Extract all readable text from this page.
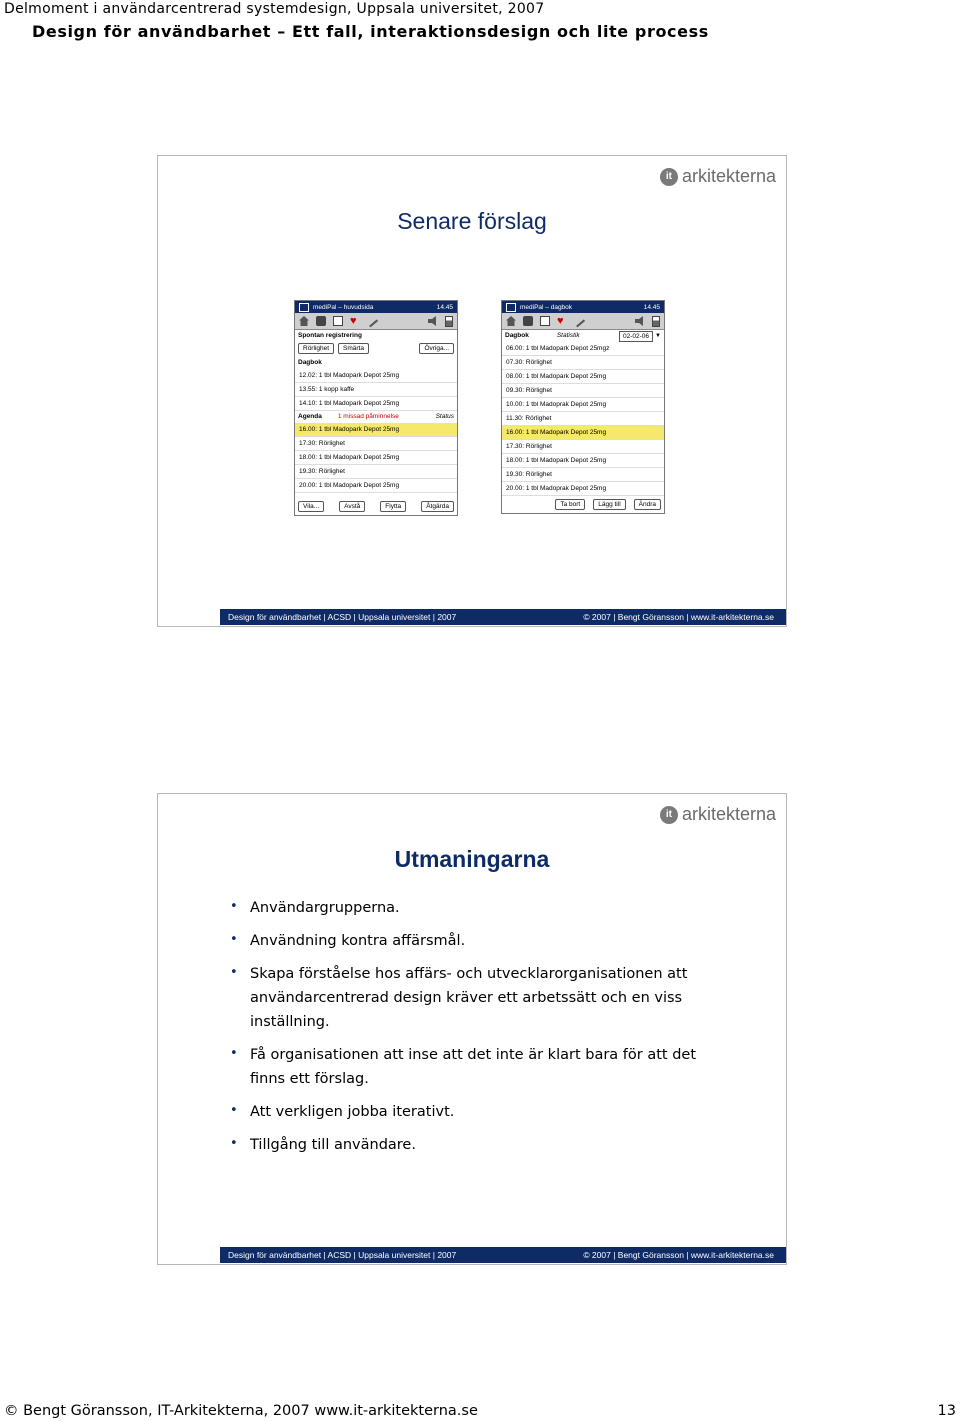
Delmoment i användarcentrerad systemdesign, Uppsala universitet, 2007
Design för användbarhet – Ett fall, interaktionsdesign och lite process
it arkitekterna
Senare förslag
mediPal – huvudsida	14.45
♥
Spontan registrering
Rörlighet	Smärta	Övriga...
Dagbok
12.02: 1 tbl Madopark Depot 25mg
13.55: 1 kopp kaffe
14.10: 1 tbl Madopark Depot 25mg
Agenda 1 missad påminnelse	Status
16.00: 1 tbl Madopark Depot 25mg
17.30: Rörlighet
18.00: 1 tbl Madopark Depot 25mg
19.30: Rörlighet
20.00: 1 tbl Madopark Depot 25mg
Vila...	Avstå	Flytta	Åtgärda
mediPal – dagbok	14.45
♥
Dagbok	Statistik	02-02-06	▼
06.00: 1 tbl Madopark Depot 25mgz
07.30: Rörlighet
08.00: 1 tbl Madopark Depot 25mg
09.30: Rörlighet
10.00: 1 tbl Madoprak Depot 25mg
11.30: Rörlighet
16.00: 1 tbl Madopark Depot 25mg
17.30: Rörlighet
18.00: 1 tbl Madopark Depot 25mg
19.30: Rörlighet
20.00: 1 tbl Madoprak Depot 25mg
Ta bort	Lägg till	Ändra
Design för användbarhet | ACSD | Uppsala universitet | 2007	© 2007 | Bengt Göransson | www.it-arkitekterna.se
it arkitekterna
Utmaningarna
• Användargrupperna.
• Användning kontra affärsmål.
• Skapa förståelse hos affärs- och utvecklarorganisationen att användarcentrerad design kräver ett arbetssätt och en viss inställning.
• Få organisationen att inse att det inte är klart bara för att det finns ett förslag.
• Att verkligen jobba iterativt.
• Tillgång till användare.
Design för användbarhet | ACSD | Uppsala universitet | 2007	© 2007 | Bengt Göransson | www.it-arkitekterna.se
© Bengt Göransson, IT-Arkitekterna, 2007 www.it-arkitekterna.se	13
